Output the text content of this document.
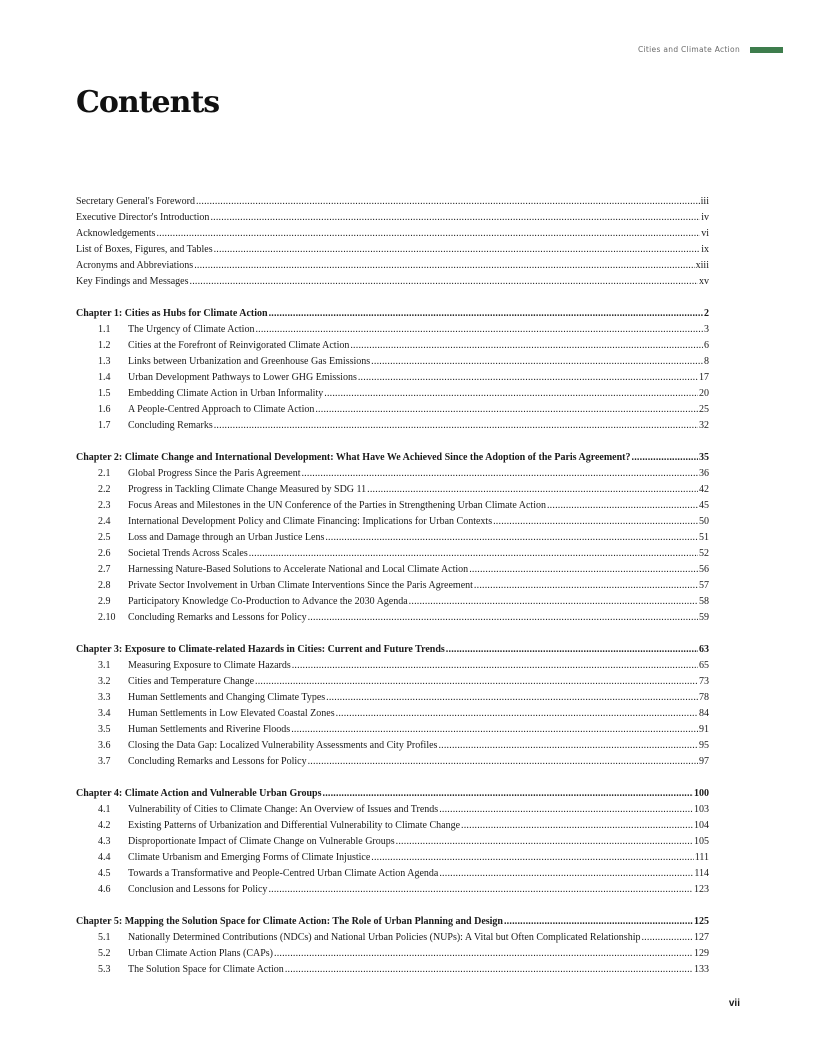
Cities and Climate Action
Contents
Secretary General's Foreword .....	iii
Executive Director's Introduction .....	iv
Acknowledgements .....	vi
List of Boxes, Figures, and Tables .....	ix
Acronyms and Abbreviations .....	xiii
Key Findings and Messages .....	xv
Chapter 1: Cities as Hubs for Climate Action .....	2
1.1	The Urgency of Climate Action .....	3
1.2	Cities at the Forefront of Reinvigorated Climate Action .....	6
1.3	Links between Urbanization and Greenhouse Gas Emissions .....	8
1.4	Urban Development Pathways to Lower GHG Emissions .....	17
1.5	Embedding Climate Action in Urban Informality .....	20
1.6	A People-Centred Approach to Climate Action .....	25
1.7	Concluding Remarks .....	32
Chapter 2: Climate Change and International Development: What Have We Achieved Since the Adoption of the Paris Agreement? .....	35
2.1	Global Progress Since the Paris Agreement .....	36
2.2	Progress in Tackling Climate Change Measured by SDG 11 .....	42
2.3	Focus Areas and Milestones in the UN Conference of the Parties in Strengthening Urban Climate Action .....	45
2.4	International Development Policy and Climate Financing: Implications for Urban Contexts .....	50
2.5	Loss and Damage through an Urban Justice Lens .....	51
2.6	Societal Trends Across Scales .....	52
2.7	Harnessing Nature-Based Solutions to Accelerate National and Local Climate Action .....	56
2.8	Private Sector Involvement in Urban Climate Interventions Since the Paris Agreement .....	57
2.9	Participatory Knowledge Co-Production to Advance the 2030 Agenda .....	58
2.10	Concluding Remarks and Lessons for Policy .....	59
Chapter 3: Exposure to Climate-related Hazards in Cities: Current and Future Trends .....	63
3.1	Measuring Exposure to Climate Hazards .....	65
3.2	Cities and Temperature Change .....	73
3.3	Human Settlements and Changing Climate Types .....	78
3.4	Human Settlements in Low Elevated Coastal Zones .....	84
3.5	Human Settlements and Riverine Floods .....	91
3.6	Closing the Data Gap: Localized Vulnerability Assessments and City Profiles .....	95
3.7	Concluding Remarks and Lessons for Policy .....	97
Chapter 4: Climate Action and Vulnerable Urban Groups .....	100
4.1	Vulnerability of Cities to Climate Change: An Overview of Issues and Trends .....	103
4.2	Existing Patterns of Urbanization and Differential Vulnerability to Climate Change .....	104
4.3	Disproportionate Impact of Climate Change on Vulnerable Groups .....	105
4.4	Climate Urbanism and Emerging Forms of Climate Injustice .....	111
4.5	Towards a Transformative and People-Centred Urban Climate Action Agenda .....	114
4.6	Conclusion and Lessons for Policy .....	123
Chapter 5: Mapping the Solution Space for Climate Action: The Role of Urban Planning and Design .....	125
5.1	Nationally Determined Contributions (NDCs) and National Urban Policies (NUPs): A Vital but Often Complicated Relationship .....	127
5.2	Urban Climate Action Plans (CAPs) .....	129
5.3	The Solution Space for Climate Action .....	133
vii
